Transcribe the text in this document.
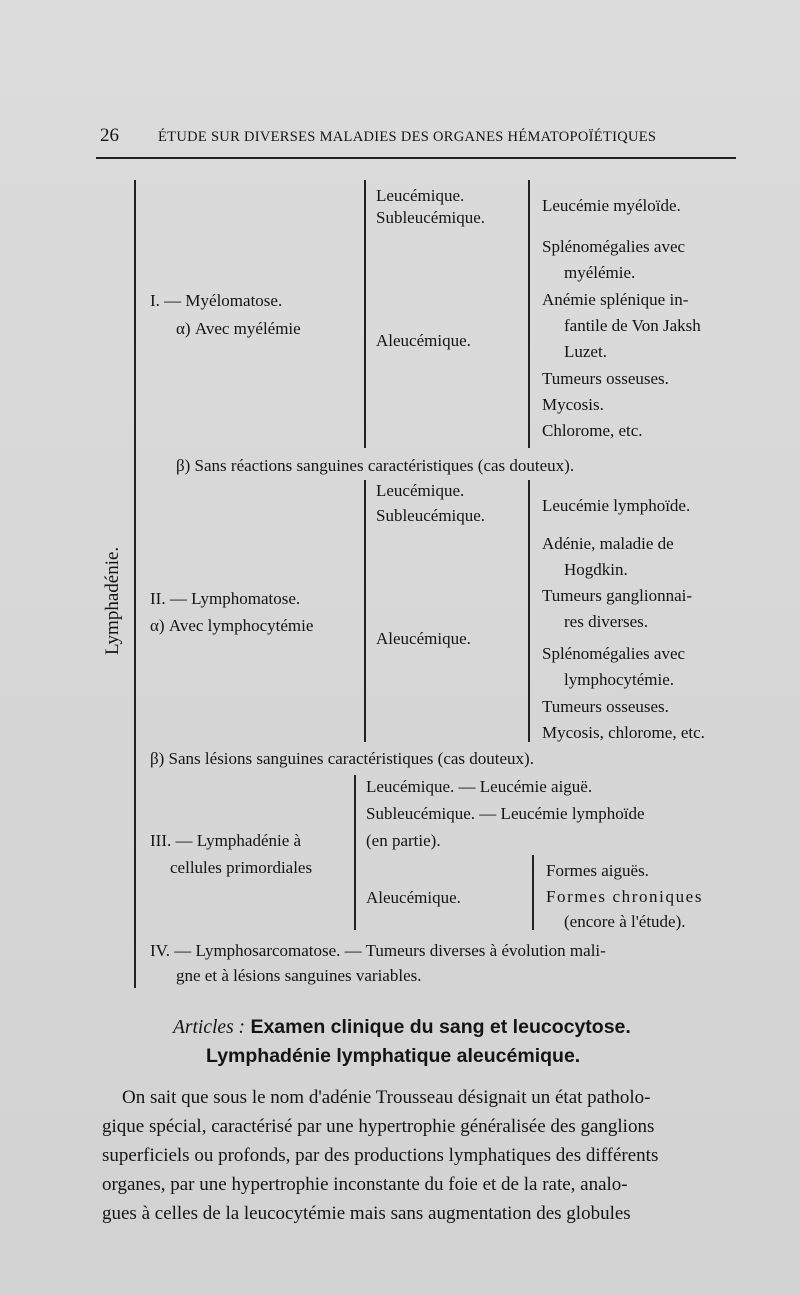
26	ÉTUDE SUR DIVERSES MALADIES DES ORGANES HÉMATOPOÏÉTIQUES
Lymphadénie.
I. — Myélomatose.
α) Avec myélémie
Leucémique.
Subleucémique.
Aleucémique.
Leucémie myéloïde.
Splénomégalies avec
myélémie.
Anémie splénique in-
fantile de Von Jaksh
Luzet.
Tumeurs osseuses.
Mycosis.
Chlorome, etc.
β) Sans réactions sanguines caractéristiques (cas douteux).
II. — Lymphomatose.
α) Avec lymphocytémie
Leucémique.
Subleucémique.
Aleucémique.
Leucémie lymphoïde.
Adénie, maladie de
Hogdkin.
Tumeurs ganglionnai-
res diverses.
Splénomégalies avec
lymphocytémie.
Tumeurs osseuses.
Mycosis, chlorome, etc.
β) Sans lésions sanguines caractéristiques (cas douteux).
III. — Lymphadénie à
cellules primordiales
Leucémique. — Leucémie aiguë.
Subleucémique. — Leucémie lymphoïde
(en partie).
Aleucémique.
Formes aiguës.
Formes chroniques
(encore à l'étude).
IV. — Lymphosarcomatose. — Tumeurs diverses à évolution mali-
gne et à lésions sanguines variables.
Articles : Examen clinique du sang et leucocytose.
Lymphadénie lymphatique aleucémique.
On sait que sous le nom d'adénie Trousseau désignait un état patholo-
gique spécial, caractérisé par une hypertrophie généralisée des ganglions
superficiels ou profonds, par des productions lymphatiques des différents
organes, par une hypertrophie inconstante du foie et de la rate, analo-
gues à celles de la leucocytémie mais sans augmentation des globules
